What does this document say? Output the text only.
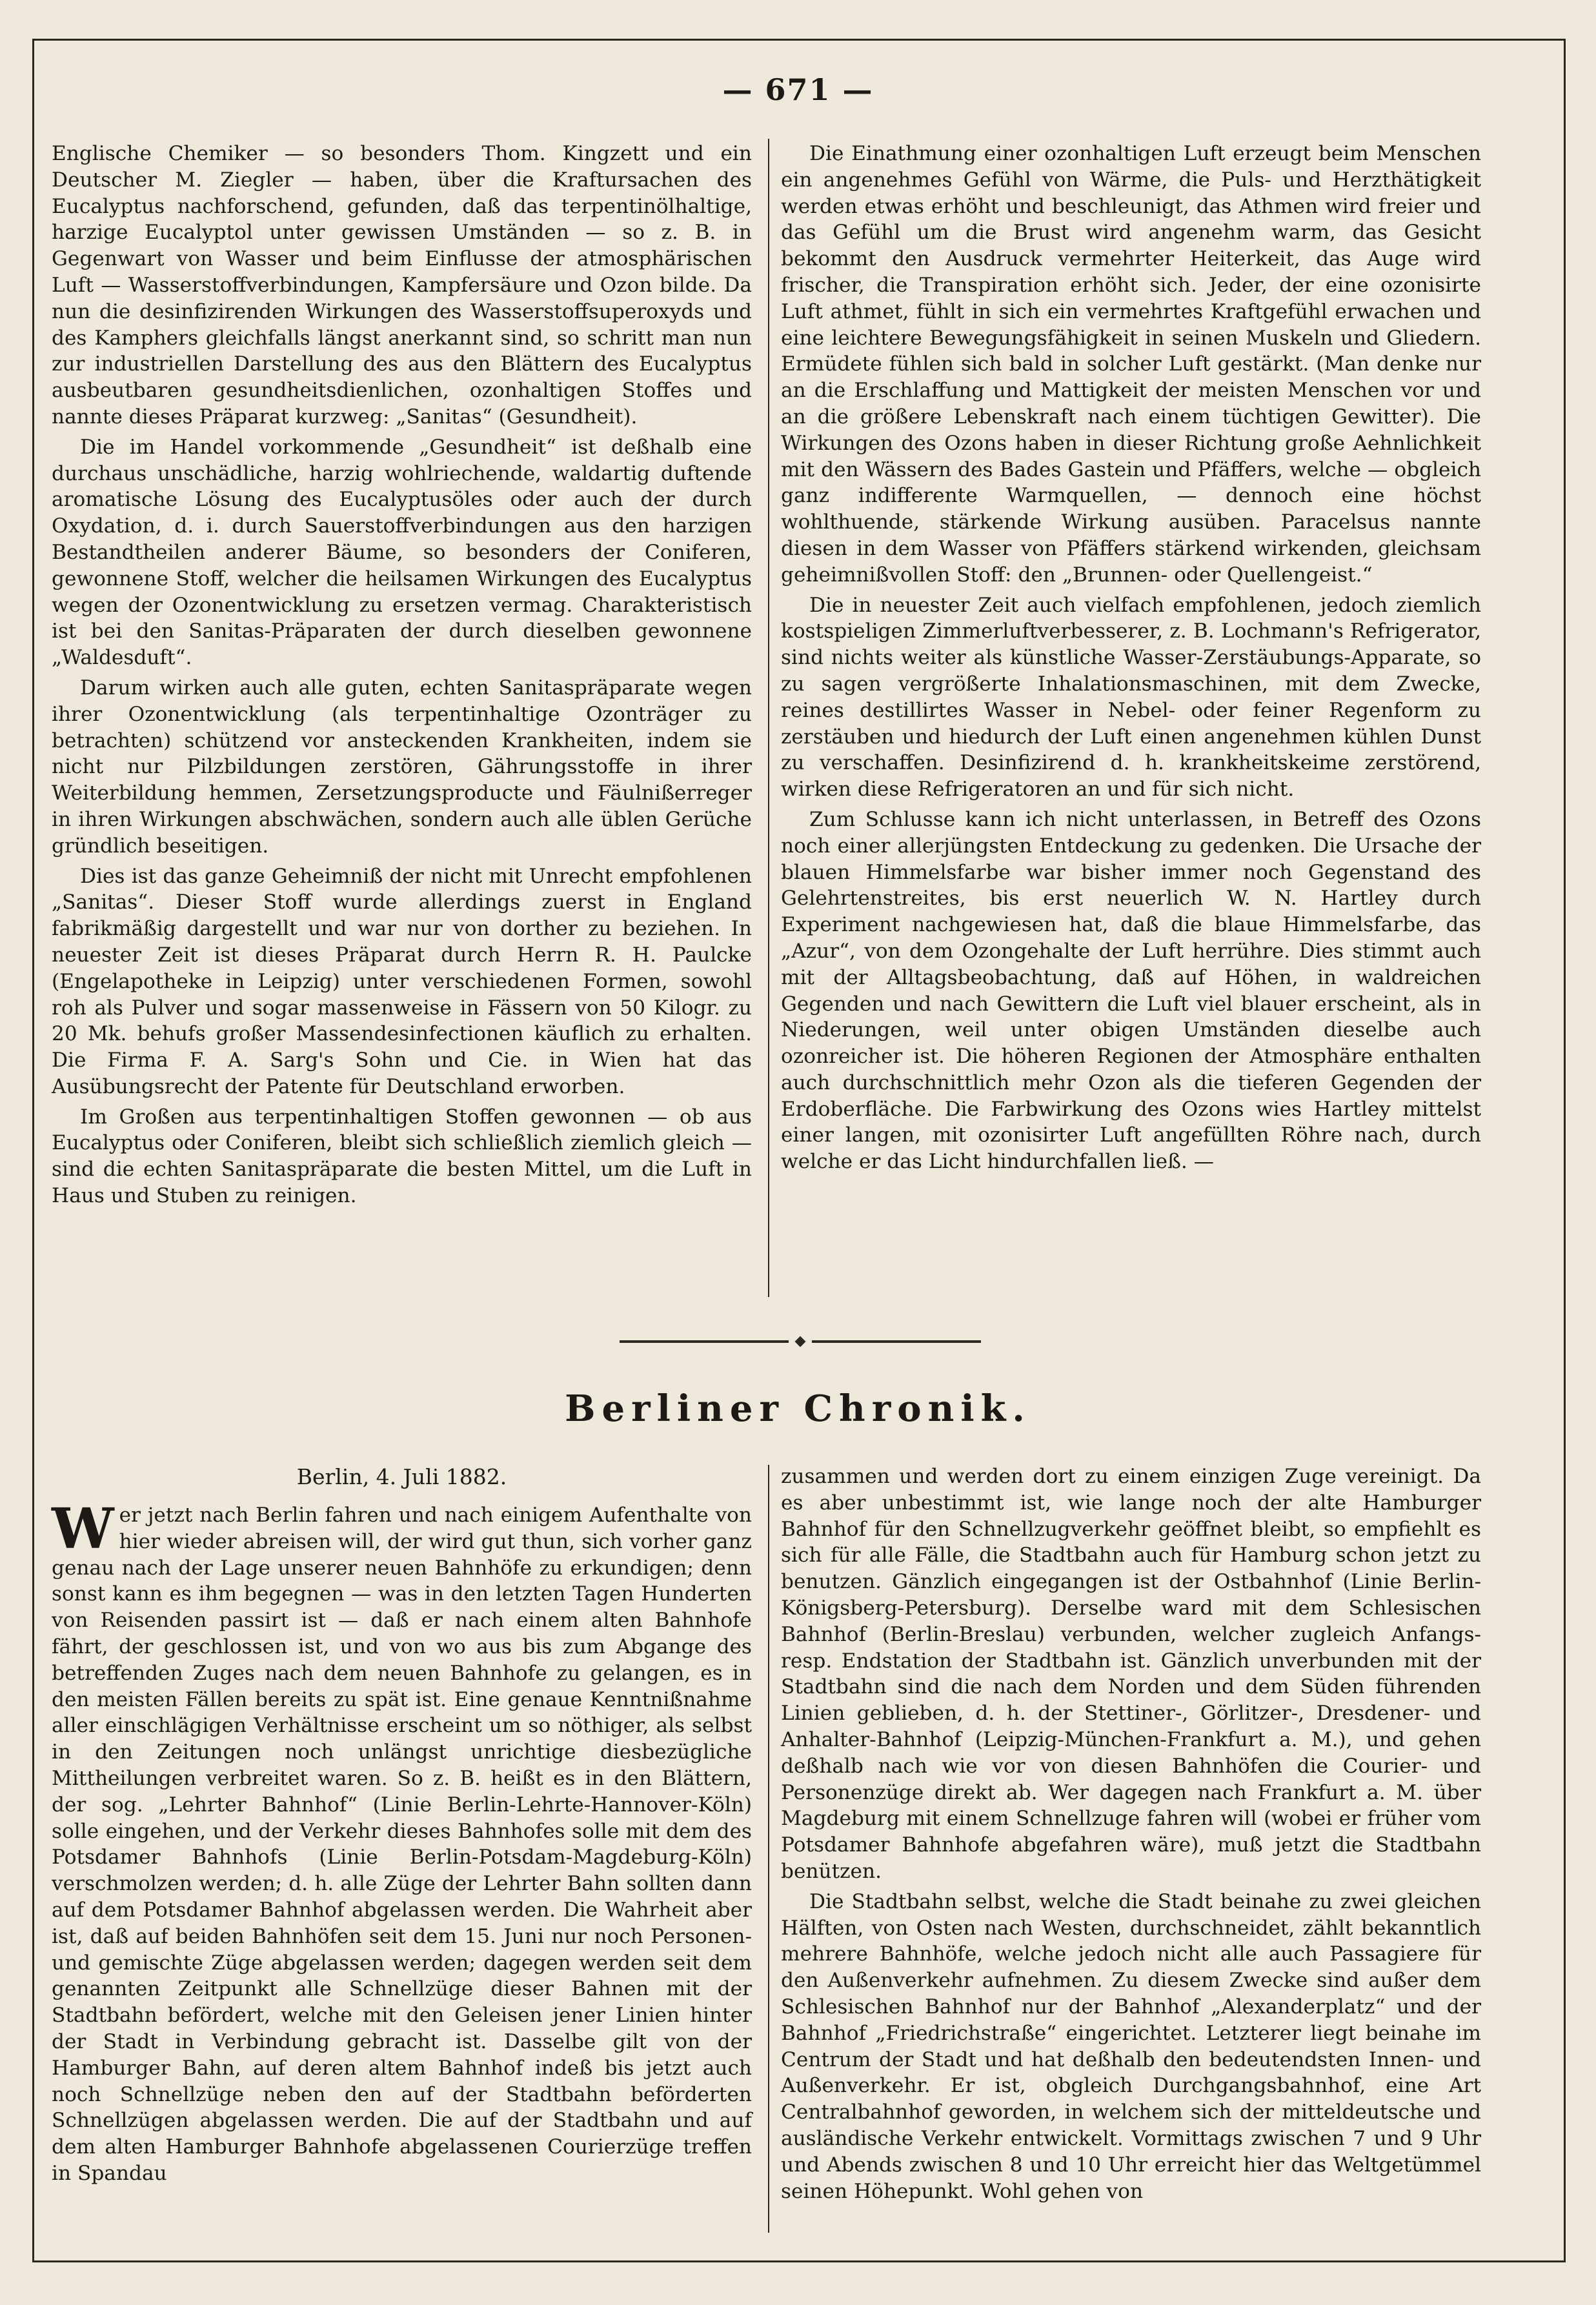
— 671 —

Englische Chemiker — so besonders Thom. Kingzett und ein Deutscher M. Ziegler — haben, über die Kraftursachen des Eucalyptus nachforschend, gefunden, daß das terpentinölhaltige, harzige Eucalyptol unter gewissen Umständen — so z. B. in Gegenwart von Wasser und beim Einflusse der atmosphärischen Luft — Wasserstoffverbindungen, Kampfersäure und Ozon bilde. Da nun die desinfizirenden Wirkungen des Wasserstoffsuperoxyds und des Kamphers gleichfalls längst anerkannt sind, so schritt man nun zur industriellen Darstellung des aus den Blättern des Eucalyptus ausbeutbaren gesundheitsdienlichen, ozonhaltigen Stoffes und nannte dieses Präparat kurzweg: „Sanitas“ (Gesundheit).

Die im Handel vorkommende „Gesundheit“ ist deßhalb eine durchaus unschädliche, harzig wohlriechende, waldartig duftende aromatische Lösung des Eucalyptusöles oder auch der durch Oxydation, d. i. durch Sauerstoffverbindungen aus den harzigen Bestandtheilen anderer Bäume, so besonders der Coniferen, gewonnene Stoff, welcher die heilsamen Wirkungen des Eucalyptus wegen der Ozonentwicklung zu ersetzen vermag. Charakteristisch ist bei den Sanitas-Präparaten der durch dieselben gewonnene „Waldesduft“.

Darum wirken auch alle guten, echten Sanitaspräparate wegen ihrer Ozonentwicklung (als terpentinhaltige Ozonträger zu betrachten) schützend vor ansteckenden Krankheiten, indem sie nicht nur Pilzbildungen zerstören, Gährungsstoffe in ihrer Weiterbildung hemmen, Zersetzungsproducte und Fäulnißerreger in ihren Wirkungen abschwächen, sondern auch alle üblen Gerüche gründlich beseitigen.

Dies ist das ganze Geheimniß der nicht mit Unrecht empfohlenen „Sanitas“. Dieser Stoff wurde allerdings zuerst in England fabrikmäßig dargestellt und war nur von dorther zu beziehen. In neuester Zeit ist dieses Präparat durch Herrn R. H. Paulcke (Engelapotheke in Leipzig) unter verschiedenen Formen, sowohl roh als Pulver und sogar massenweise in Fässern von 50 Kilogr. zu 20 Mk. behufs großer Massendesinfectionen käuflich zu erhalten. Die Firma F. A. Sarg's Sohn und Cie. in Wien hat das Ausübungsrecht der Patente für Deutschland erworben.

Im Großen aus terpentinhaltigen Stoffen gewonnen — ob aus Eucalyptus oder Coniferen, bleibt sich schließlich ziemlich gleich — sind die echten Sanitaspräparate die besten Mittel, um die Luft in Haus und Stuben zu reinigen.

Die Einathmung einer ozonhaltigen Luft erzeugt beim Menschen ein angenehmes Gefühl von Wärme, die Puls- und Herzthätigkeit werden etwas erhöht und beschleunigt, das Athmen wird freier und das Gefühl um die Brust wird angenehm warm, das Gesicht bekommt den Ausdruck vermehrter Heiterkeit, das Auge wird frischer, die Transpiration erhöht sich. Jeder, der eine ozonisirte Luft athmet, fühlt in sich ein vermehrtes Kraftgefühl erwachen und eine leichtere Bewegungsfähigkeit in seinen Muskeln und Gliedern. Ermüdete fühlen sich bald in solcher Luft gestärkt. (Man denke nur an die Erschlaffung und Mattigkeit der meisten Menschen vor und an die größere Lebenskraft nach einem tüchtigen Gewitter). Die Wirkungen des Ozons haben in dieser Richtung große Aehnlichkeit mit den Wässern des Bades Gastein und Pfäffers, welche — obgleich ganz indifferente Warmquellen, — dennoch eine höchst wohlthuende, stärkende Wirkung ausüben. Paracelsus nannte diesen in dem Wasser von Pfäffers stärkend wirkenden, gleichsam geheimnißvollen Stoff: den „Brunnen- oder Quellengeist.“

Die in neuester Zeit auch vielfach empfohlenen, jedoch ziemlich kostspieligen Zimmerluftverbesserer, z. B. Lochmann's Refrigerator, sind nichts weiter als künstliche Wasser-Zerstäubungs-Apparate, so zu sagen vergrößerte Inhalationsmaschinen, mit dem Zwecke, reines destillirtes Wasser in Nebel- oder feiner Regenform zu zerstäuben und hiedurch der Luft einen angenehmen kühlen Dunst zu verschaffen. Desinfizirend d. h. krankheitskeime zerstörend, wirken diese Refrigeratoren an und für sich nicht.

Zum Schlusse kann ich nicht unterlassen, in Betreff des Ozons noch einer allerjüngsten Entdeckung zu gedenken. Die Ursache der blauen Himmelsfarbe war bisher immer noch Gegenstand des Gelehrtenstreites, bis erst neuerlich W. N. Hartley durch Experiment nachgewiesen hat, daß die blaue Himmelsfarbe, das „Azur“, von dem Ozongehalte der Luft herrühre. Dies stimmt auch mit der Alltagsbeobachtung, daß auf Höhen, in waldreichen Gegenden und nach Gewittern die Luft viel blauer erscheint, als in Niederungen, weil unter obigen Umständen dieselbe auch ozonreicher ist. Die höheren Regionen der Atmosphäre enthalten auch durchschnittlich mehr Ozon als die tieferen Gegenden der Erdoberfläche. Die Farbwirkung des Ozons wies Hartley mittelst einer langen, mit ozonisirter Luft angefüllten Röhre nach, durch welche er das Licht hindurchfallen ließ. —

Berliner Chronik.
Berlin, 4. Juli 1882.

Wer jetzt nach Berlin fahren und nach einigem Aufenthalte von hier wieder abreisen will, der wird gut thun, sich vorher ganz genau nach der Lage unserer neuen Bahnhöfe zu erkundigen; denn sonst kann es ihm begegnen — was in den letzten Tagen Hunderten von Reisenden passirt ist — daß er nach einem alten Bahnhofe fährt, der geschlossen ist, und von wo aus bis zum Abgange des betreffenden Zuges nach dem neuen Bahnhofe zu gelangen, es in den meisten Fällen bereits zu spät ist. Eine genaue Kenntnißnahme aller einschlägigen Verhältnisse erscheint um so nöthiger, als selbst in den Zeitungen noch unlängst unrichtige diesbezügliche Mittheilungen verbreitet waren. So z. B. heißt es in den Blättern, der sog. „Lehrter Bahnhof“ (Linie Berlin-Lehrte-Hannover-Köln) solle eingehen, und der Verkehr dieses Bahnhofes solle mit dem des Potsdamer Bahnhofs (Linie Berlin-Potsdam-Magdeburg-Köln) verschmolzen werden; d. h. alle Züge der Lehrter Bahn sollten dann auf dem Potsdamer Bahnhof abgelassen werden. Die Wahrheit aber ist, daß auf beiden Bahnhöfen seit dem 15. Juni nur noch Personen- und gemischte Züge abgelassen werden; dagegen werden seit dem genannten Zeitpunkt alle Schnellzüge dieser Bahnen mit der Stadtbahn befördert, welche mit den Geleisen jener Linien hinter der Stadt in Verbindung gebracht ist. Dasselbe gilt von der Hamburger Bahn, auf deren altem Bahnhof indeß bis jetzt auch noch Schnellzüge neben den auf der Stadtbahn beförderten Schnellzügen abgelassen werden. Die auf der Stadtbahn und auf dem alten Hamburger Bahnhofe abgelassenen Courierzüge treffen in Spandau

zusammen und werden dort zu einem einzigen Zuge vereinigt. Da es aber unbestimmt ist, wie lange noch der alte Hamburger Bahnhof für den Schnellzugverkehr geöffnet bleibt, so empfiehlt es sich für alle Fälle, die Stadtbahn auch für Hamburg schon jetzt zu benutzen. Gänzlich eingegangen ist der Ostbahnhof (Linie Berlin-Königsberg-Petersburg). Derselbe ward mit dem Schlesischen Bahnhof (Berlin-Breslau) verbunden, welcher zugleich Anfangs- resp. Endstation der Stadtbahn ist. Gänzlich unverbunden mit der Stadtbahn sind die nach dem Norden und dem Süden führenden Linien geblieben, d. h. der Stettiner-, Görlitzer-, Dresdener- und Anhalter-Bahnhof (Leipzig-München-Frankfurt a. M.), und gehen deßhalb nach wie vor von diesen Bahnhöfen die Courier- und Personenzüge direkt ab. Wer dagegen nach Frankfurt a. M. über Magdeburg mit einem Schnellzuge fahren will (wobei er früher vom Potsdamer Bahnhofe abgefahren wäre), muß jetzt die Stadtbahn benützen.

Die Stadtbahn selbst, welche die Stadt beinahe zu zwei gleichen Hälften, von Osten nach Westen, durchschneidet, zählt bekanntlich mehrere Bahnhöfe, welche jedoch nicht alle auch Passagiere für den Außenverkehr aufnehmen. Zu diesem Zwecke sind außer dem Schlesischen Bahnhof nur der Bahnhof „Alexanderplatz“ und der Bahnhof „Friedrichstraße“ eingerichtet. Letzterer liegt beinahe im Centrum der Stadt und hat deßhalb den bedeutendsten Innen- und Außenverkehr. Er ist, obgleich Durchgangsbahnhof, eine Art Centralbahnhof geworden, in welchem sich der mitteldeutsche und ausländische Verkehr entwickelt. Vormittags zwischen 7 und 9 Uhr und Abends zwischen 8 und 10 Uhr erreicht hier das Weltgetümmel seinen Höhepunkt. Wohl gehen von
